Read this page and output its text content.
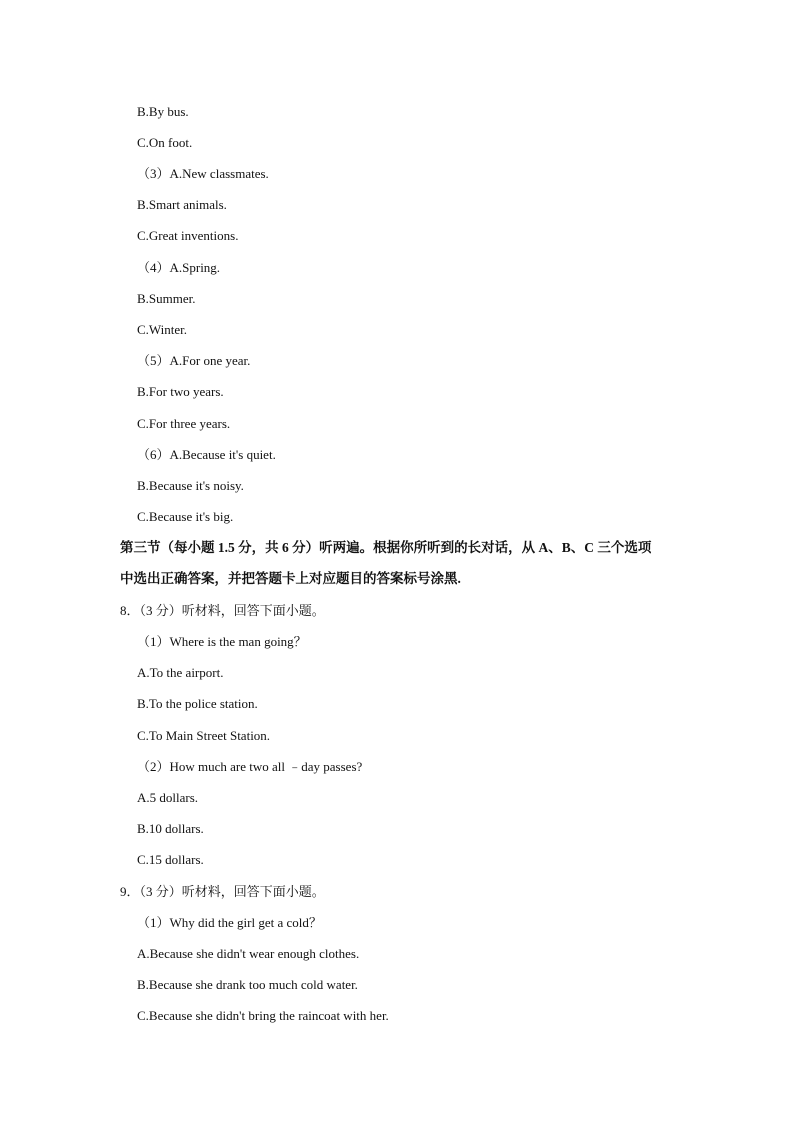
B.By bus.
C.On foot.
（3）A.New classmates.
B.Smart animals.
C.Great inventions.
（4）A.Spring.
B.Summer.
C.Winter.
（5）A.For one year.
B.For two years.
C.For three years.
（6）A.Because it's quiet.
B.Because it's noisy.
C.Because it's big.
第三节（每小题 1.5 分，共 6 分）听两遍。根据你所听到的长对话，从 A、B、C 三个选项
中选出正确答案，并把答题卡上对应题目的答案标号涂黑.
8．（3 分）听材料，回答下面小题。
（1）Where is the man going？
A.To the airport.
B.To the police station.
C.To Main Street Station.
（2）How much are two all ﹣day passes?
A.5 dollars.
B.10 dollars.
C.15 dollars.
9．（3 分）听材料，回答下面小题。
（1）Why did the girl get a cold？
A.Because she didn't wear enough clothes.
B.Because she drank too much cold water.
C.Because she didn't bring the raincoat with her.
